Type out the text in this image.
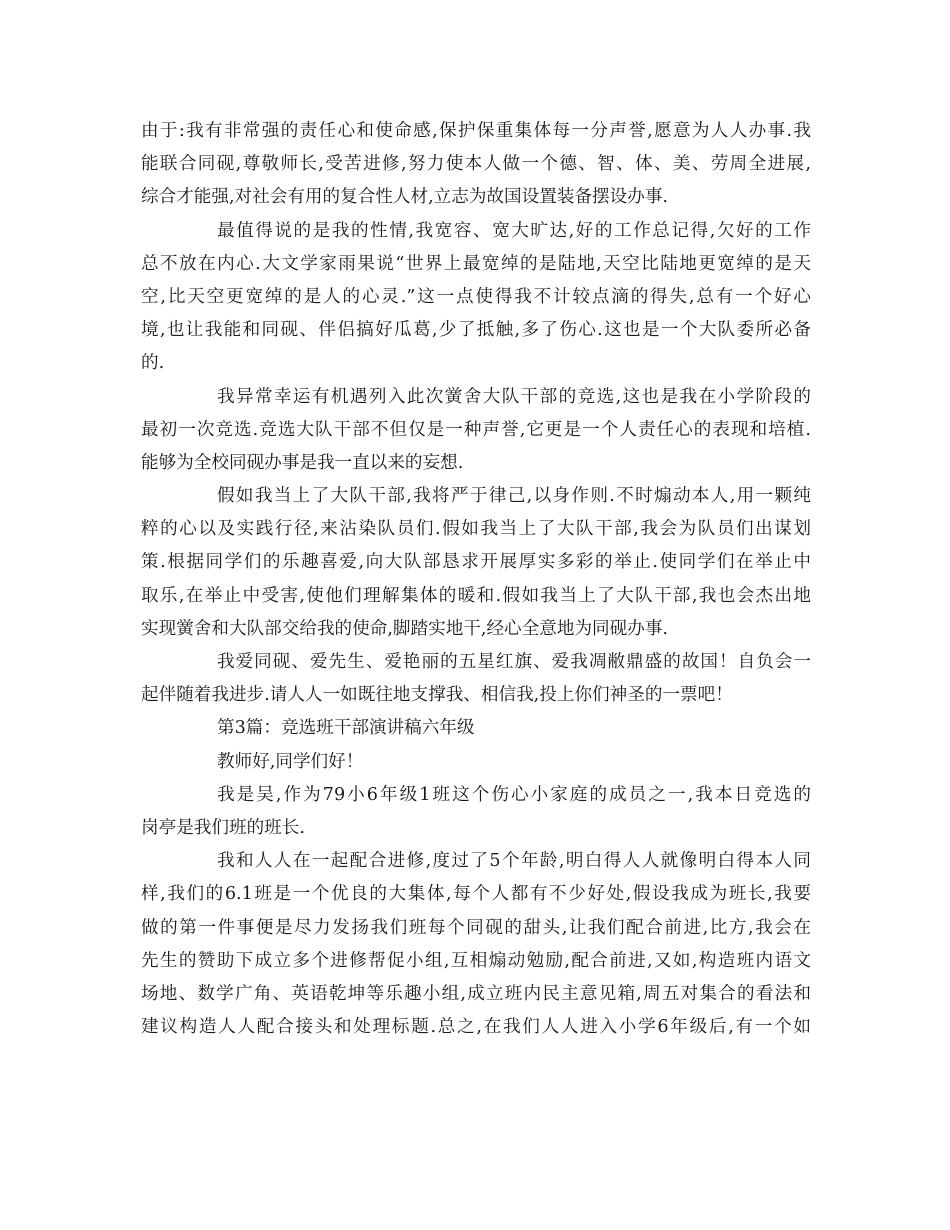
由于:我有非常强的责任心和使命感,保护保重集体每一分声誉,愿意为人人办事.我
能联合同砚,尊敬师长,受苦进修,努力使本人做一个德、智、体、美、劳周全进展,
综合才能强,对社会有用的复合性人材,立志为故国设置装备摆设办事.
最值得说的是我的性情,我宽容、宽大旷达,好的工作总记得,欠好的工作
总不放在内心.大文学家雨果说“世界上最宽绰的是陆地,天空比陆地更宽绰的是天
空,比天空更宽绰的是人的心灵.”这一点使得我不计较点滴的得失,总有一个好心
境,也让我能和同砚、伴侣搞好瓜葛,少了抵触,多了伤心.这也是一个大队委所必备
的.
我异常幸运有机遇列入此次黉舍大队干部的竞选,这也是我在小学阶段的
最初一次竞选.竞选大队干部不但仅是一种声誉,它更是一个人责任心的表现和培植.
能够为全校同砚办事是我一直以来的妄想.
假如我当上了大队干部,我将严于律己,以身作则.不时煽动本人,用一颗纯
粹的心以及实践行径,来沾染队员们.假如我当上了大队干部,我会为队员们出谋划
策.根据同学们的乐趣喜爱,向大队部恳求开展厚实多彩的举止.使同学们在举止中
取乐,在举止中受害,使他们理解集体的暖和.假如我当上了大队干部,我也会杰出地
实现黉舍和大队部交给我的使命,脚踏实地干,经心全意地为同砚办事.
我爱同砚、爱先生、爱艳丽的五星红旗、爱我凋敝鼎盛的故国！自负会一
起伴随着我进步.请人人一如既往地支撑我、相信我,投上你们神圣的一票吧！
第3篇：竞选班干部演讲稿六年级
教师好,同学们好！
我是吴,作为79小6年级1班这个伤心小家庭的成员之一,我本日竞选的
岗亭是我们班的班长.
我和人人在一起配合进修,度过了5个年龄,明白得人人就像明白得本人同
样,我们的6.1班是一个优良的大集体,每个人都有不少好处,假设我成为班长,我要
做的第一件事便是尽力发扬我们班每个同砚的甜头,让我们配合前进,比方,我会在
先生的赞助下成立多个进修帮促小组,互相煽动勉励,配合前进,又如,构造班内语文
场地、数学广角、英语乾坤等乐趣小组,成立班内民主意见箱,周五对集合的看法和
建议构造人人配合接头和处理标题.总之,在我们人人进入小学6年级后,有一个如
